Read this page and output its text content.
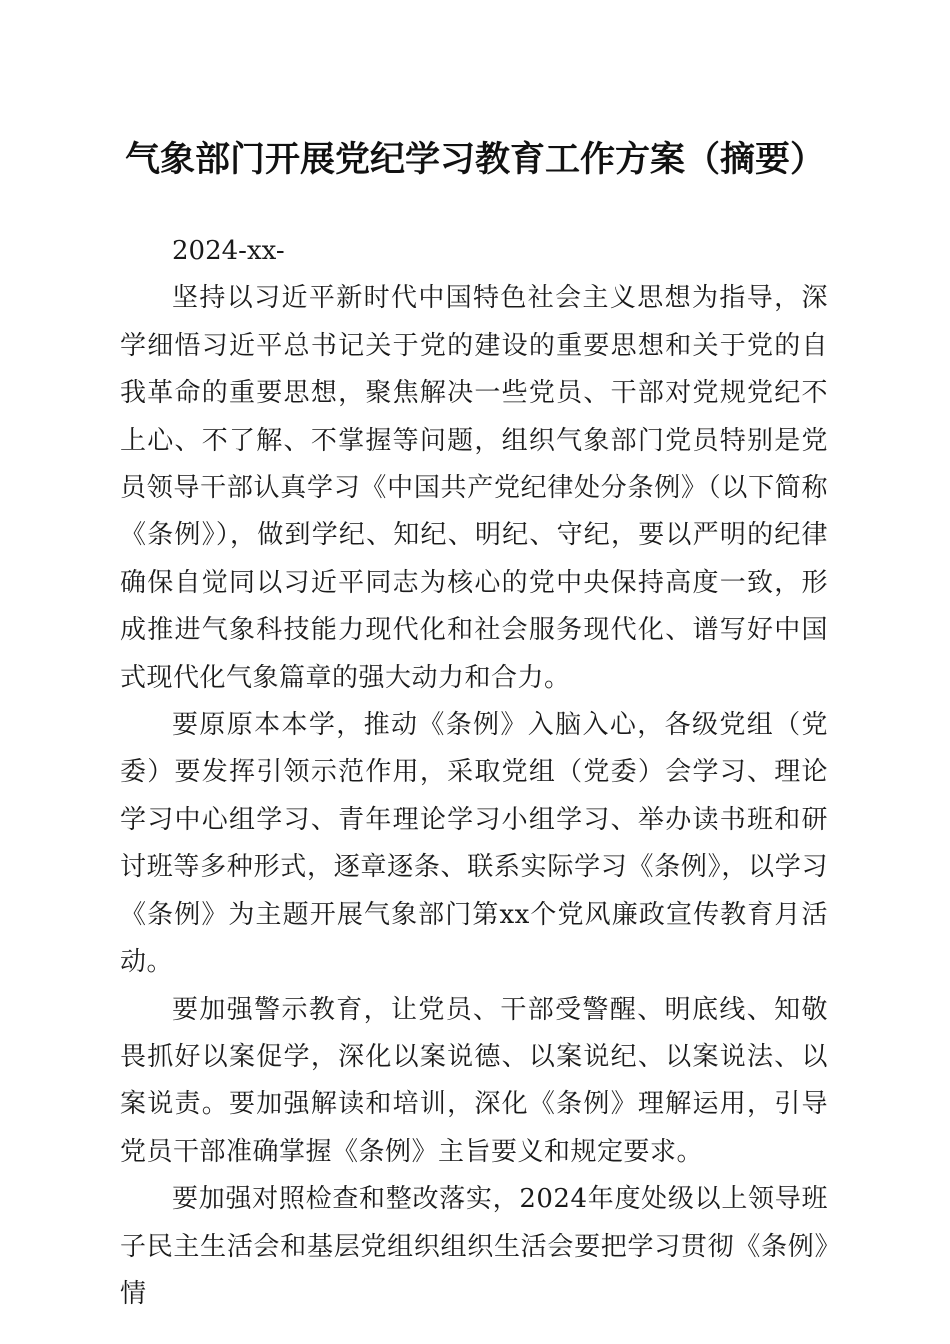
气象部门开展党纪学习教育工作方案（摘要）

2024-xx-

坚持以习近平新时代中国特色社会主义思想为指导，深学细悟习近平总书记关于党的建设的重要思想和关于党的自我革命的重要思想，聚焦解决一些党员、干部对党规党纪不上心、不了解、不掌握等问题，组织气象部门党员特别是党员领导干部认真学习《中国共产党纪律处分条例》（以下简称《条例》），做到学纪、知纪、明纪、守纪，要以严明的纪律确保自觉同以习近平同志为核心的党中央保持高度一致，形成推进气象科技能力现代化和社会服务现代化、谱写好中国式现代化气象篇章的强大动力和合力。

要原原本本学，推动《条例》入脑入心，各级党组（党委）要发挥引领示范作用，采取党组（党委）会学习、理论学习中心组学习、青年理论学习小组学习、举办读书班和研讨班等多种形式，逐章逐条、联系实际学习《条例》，以学习《条例》为主题开展气象部门第xx个党风廉政宣传教育月活动。

要加强警示教育，让党员、干部受警醒、明底线、知敬畏抓好以案促学，深化以案说德、以案说纪、以案说法、以案说责。要加强解读和培训，深化《条例》理解运用，引导党员干部准确掌握《条例》主旨要义和规定要求。

要加强对照检查和整改落实，2024年度处级以上领导班子民主生活会和基层党组织组织生活会要把学习贯彻《条例》情
